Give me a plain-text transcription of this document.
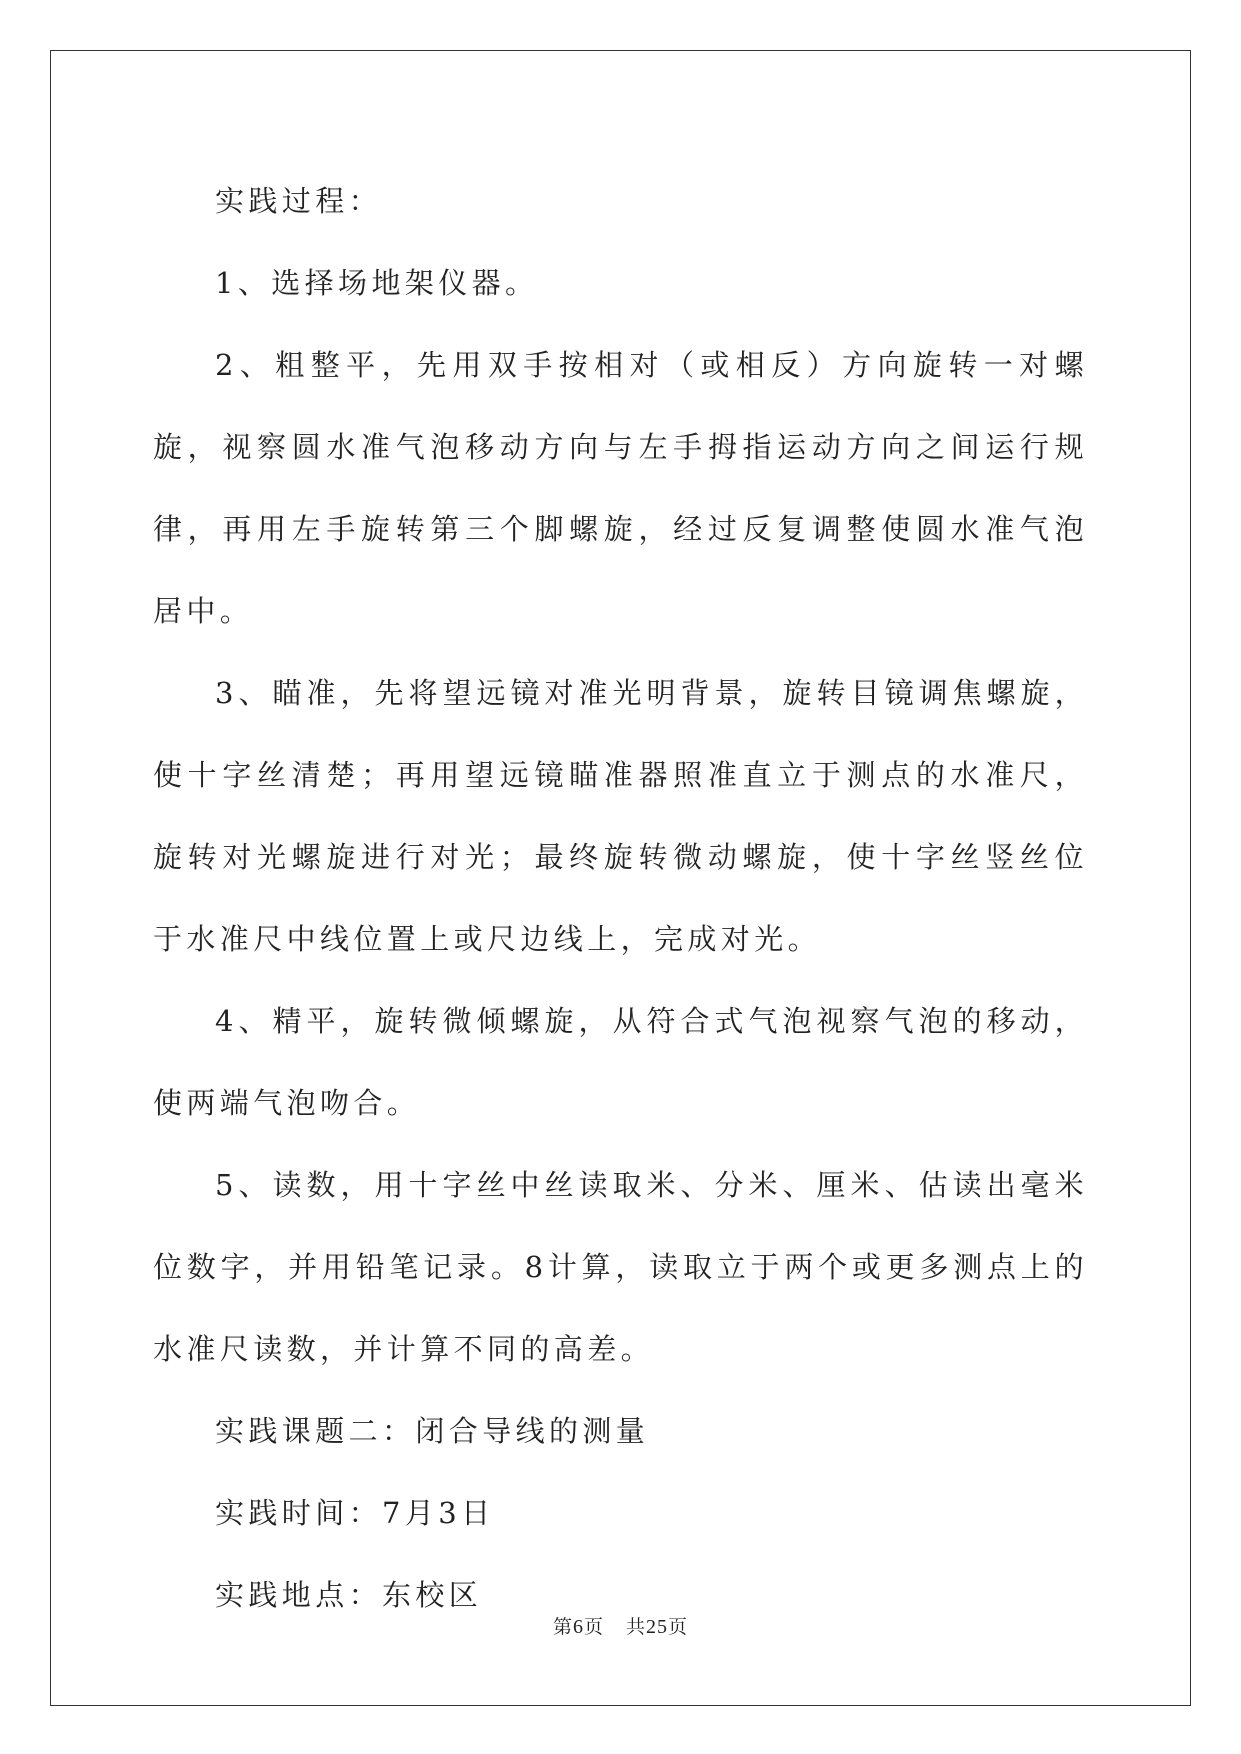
实践过程：

1、选择场地架仪器。

2、粗整平，先用双手按相对（或相反）方向旋转一对螺旋，视察圆水准气泡移动方向与左手拇指运动方向之间运行规律，再用左手旋转第三个脚螺旋，经过反复调整使圆水准气泡居中。

3、瞄准，先将望远镜对准光明背景，旋转目镜调焦螺旋，使十字丝清楚；再用望远镜瞄准器照准直立于测点的水准尺，旋转对光螺旋进行对光；最终旋转微动螺旋，使十字丝竖丝位于水准尺中线位置上或尺边线上，完成对光。

4、精平，旋转微倾螺旋，从符合式气泡视察气泡的移动，使两端气泡吻合。

5、读数，用十字丝中丝读取米、分米、厘米、估读出毫米位数字，并用铅笔记录。8计算，读取立于两个或更多测点上的水准尺读数，并计算不同的高差。

实践课题二：闭合导线的测量

实践时间：7月3日

实践地点：东校区

第6页 共25页
